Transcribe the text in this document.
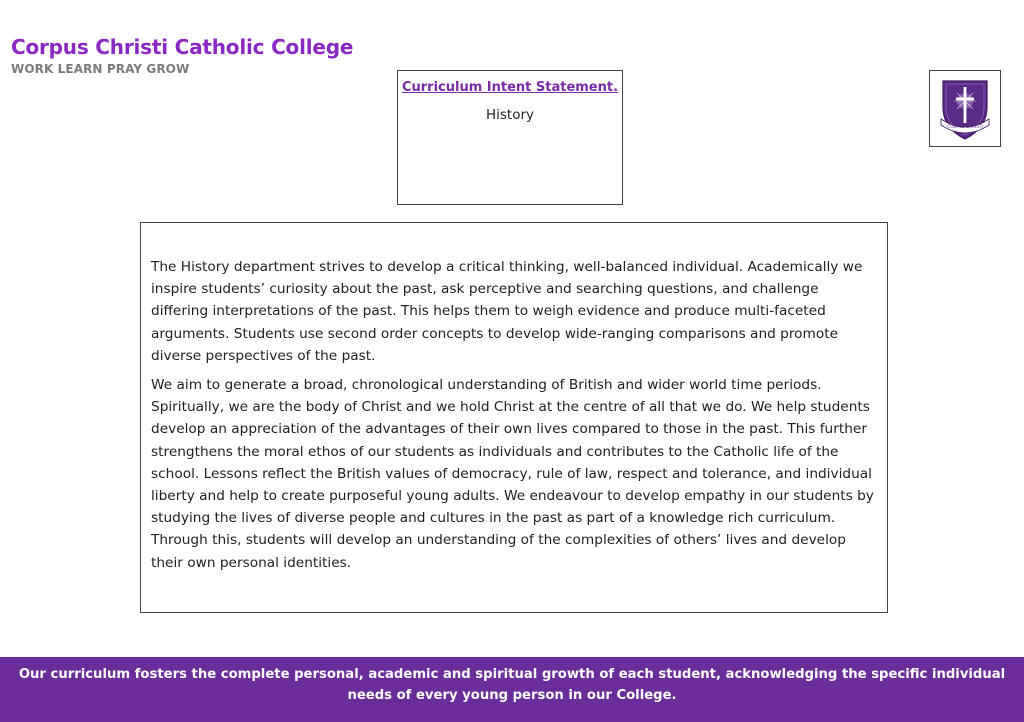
Corpus Christi Catholic College
WORK LEARN PRAY GROW
Curriculum Intent Statement.
History
CORPUS CHRISTI

The History department strives to develop a critical thinking, well-balanced individual. Academically we inspire students’ curiosity about the past, ask perceptive and searching questions, and challenge differing interpretations of the past. This helps them to weigh evidence and produce multi-faceted arguments. Students use second order concepts to develop wide-ranging comparisons and promote diverse perspectives of the past.

We aim to generate a broad, chronological understanding of British and wider world time periods. Spiritually, we are the body of Christ and we hold Christ at the centre of all that we do. We help students develop an appreciation of the advantages of their own lives compared to those in the past. This further strengthens the moral ethos of our students as individuals and contributes to the Catholic life of the school. Lessons reflect the British values of democracy, rule of law, respect and tolerance, and individual liberty and help to create purposeful young adults. We endeavour to develop empathy in our students by studying the lives of diverse people and cultures in the past as part of a knowledge rich curriculum. Through this, students will develop an understanding of the complexities of others’ lives and develop their own personal identities.

Our curriculum fosters the complete personal, academic and spiritual growth of each student, acknowledging the specific individual needs of every young person in our College.
